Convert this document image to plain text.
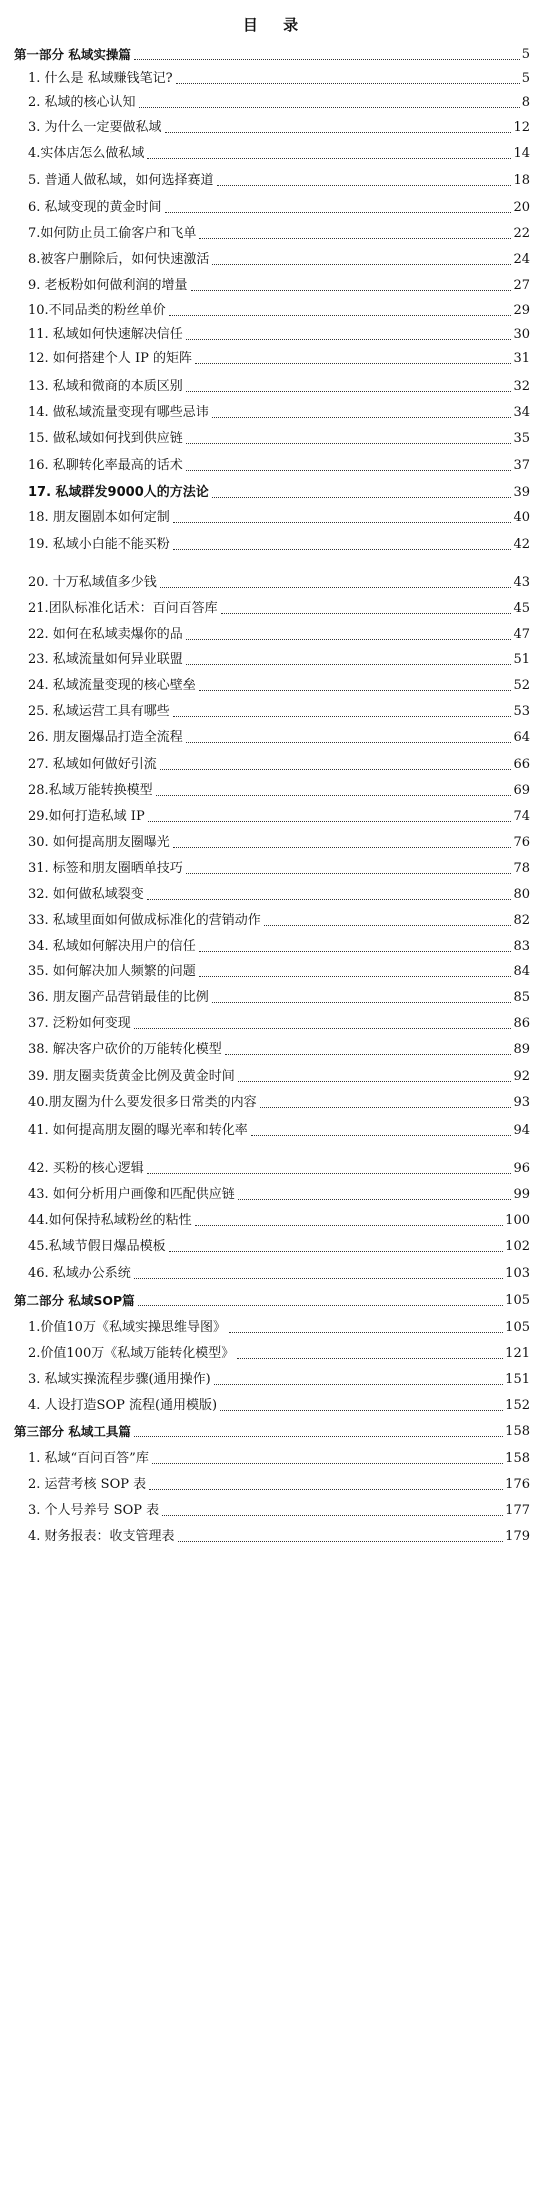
目 录
第一部分 私域实操篇	5
1. 什么是 私域赚钱笔记?	5
2. 私域的核心认知	8
3. 为什么一定要做私域	12
4.实体店怎么做私域	14
5. 普通人做私域，如何选择赛道	18
6. 私域变现的黄金时间	20
7.如何防止员工偷客户和飞单	22
8.被客户删除后，如何快速激活	24
9. 老板粉如何做利润的增量	27
10.不同品类的粉丝单价	29
11. 私域如何快速解决信任	30
12. 如何搭建个人 IP 的矩阵	31
13. 私域和微商的本质区别	32
14. 做私域流量变现有哪些忌讳	34
15. 做私域如何找到供应链	35
16. 私聊转化率最高的话术	37
17. 私域群发9000人的方法论	39
18. 朋友圈剧本如何定制	40
19. 私域小白能不能买粉	42
20. 十万私域值多少钱	43
21.团队标准化话术：百问百答库	45
22. 如何在私域卖爆你的品	47
23. 私域流量如何异业联盟	51
24. 私域流量变现的核心壁垒	52
25. 私域运营工具有哪些	53
26. 朋友圈爆品打造全流程	64
27. 私域如何做好引流	66
28.私域万能转换模型	69
29.如何打造私域 IP	74
30. 如何提高朋友圈曝光	76
31. 标签和朋友圈晒单技巧	78
32. 如何做私域裂变	80
33. 私域里面如何做成标准化的营销动作	82
34. 私域如何解决用户的信任	83
35. 如何解决加人频繁的问题	84
36. 朋友圈产品营销最佳的比例	85
37. 泛粉如何变现	86
38. 解决客户砍价的万能转化模型	89
39. 朋友圈卖货黄金比例及黄金时间	92
40.朋友圈为什么要发很多日常类的内容	93
41. 如何提高朋友圈的曝光率和转化率	94
42. 买粉的核心逻辑	96
43. 如何分析用户画像和匹配供应链	99
44.如何保持私域粉丝的粘性	100
45.私域节假日爆品模板	102
46. 私域办公系统	103
第二部分 私域SOP篇	105
1.价值10万《私域实操思维导图》	105
2.价值100万《私域万能转化模型》	121
3. 私域实操流程步骤(通用操作)	151
4. 人设打造SOP 流程(通用模版)	152
第三部分 私域工具篇	158
1. 私域“百问百答”库	158
2. 运营考核 SOP 表	176
3. 个人号养号 SOP 表	177
4. 财务报表：收支管理表	179
